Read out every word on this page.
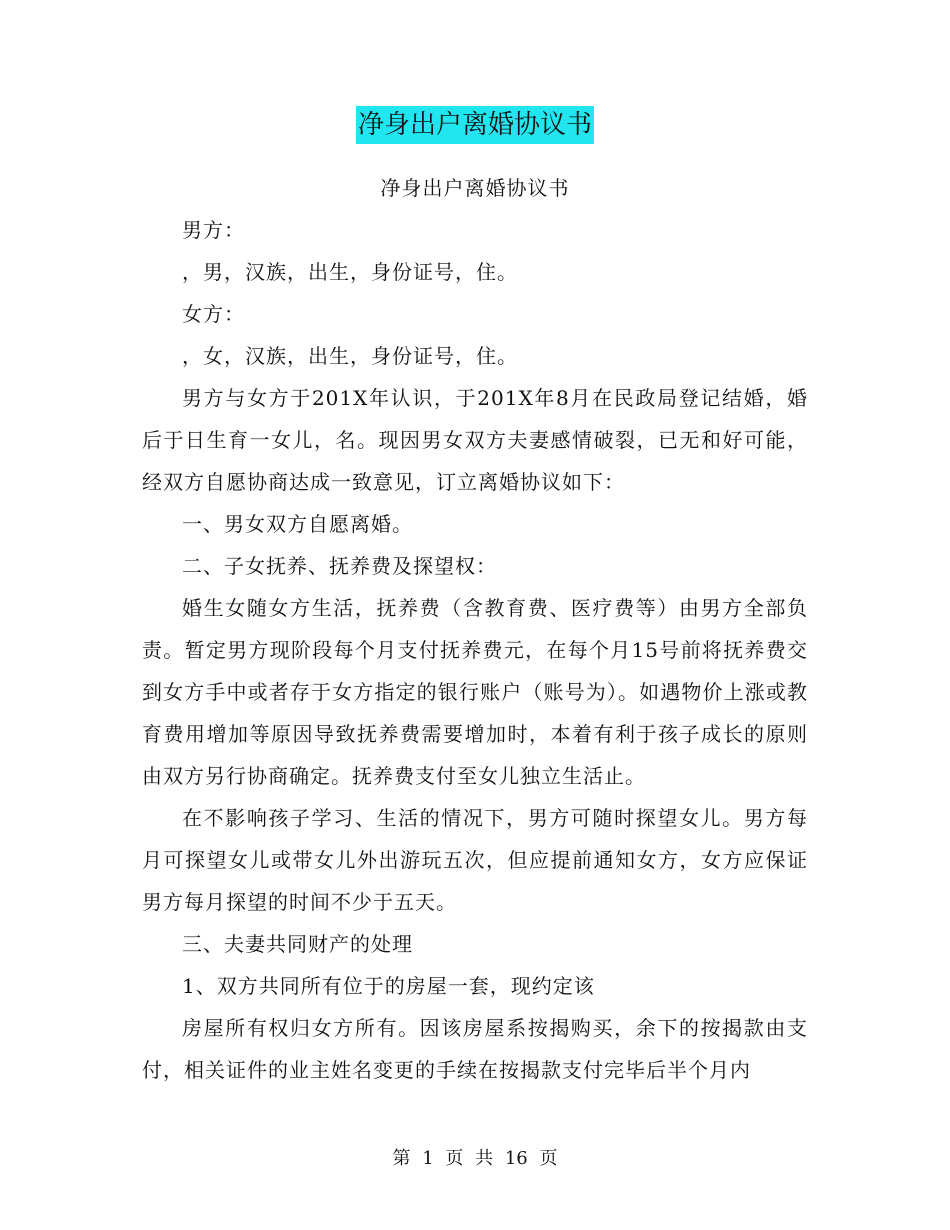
净身出户离婚协议书

净身出户离婚协议书

男方：

，男，汉族，出生，身份证号，住。

女方：

，女，汉族，出生，身份证号，住。

男方与女方于201X年认识，于201X年8月在民政局登记结婚，婚后于日生育一女儿，名。现因男女双方夫妻感情破裂，已无和好可能，经双方自愿协商达成一致意见，订立离婚协议如下：

一、男女双方自愿离婚。

二、子女抚养、抚养费及探望权：

婚生女随女方生活，抚养费（含教育费、医疗费等）由男方全部负责。暂定男方现阶段每个月支付抚养费元，在每个月15号前将抚养费交到女方手中或者存于女方指定的银行账户（账号为）。如遇物价上涨或教育费用增加等原因导致抚养费需要增加时，本着有利于孩子成长的原则由双方另行协商确定。抚养费支付至女儿独立生活止。

在不影响孩子学习、生活的情况下，男方可随时探望女儿。男方每月可探望女儿或带女儿外出游玩五次，但应提前通知女方，女方应保证男方每月探望的时间不少于五天。

三、夫妻共同财产的处理

1、双方共同所有位于的房屋一套，现约定该

房屋所有权归女方所有。因该房屋系按揭购买，余下的按揭款由支付，相关证件的业主姓名变更的手续在按揭款支付完毕后半个月内

第 1 页 共 16 页
